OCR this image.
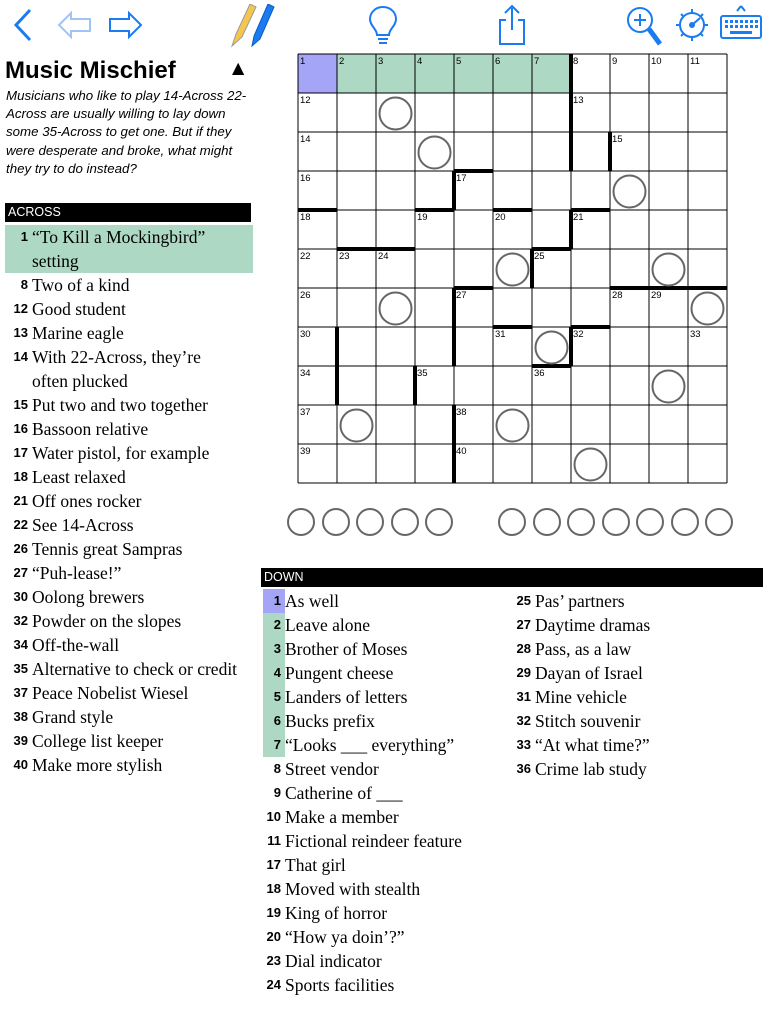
Music Mischief	▲
Musicians who like to play 14-Across 22-Across are usually willing to lay down some 35-Across to get one. But if they were desperate and broke, what might they try to do instead?
ACROSS
1 “To Kill a Mockingbird”
setting
8 Two of a kind
12 Good student
13 Marine eagle
14 With 22-Across, they’re
often plucked
15 Put two and two together
16 Bassoon relative
17 Water pistol, for example
18 Least relaxed
21 Off ones rocker
22 See 14-Across
26 Tennis great Sampras
27 “Puh-lease!”
30 Oolong brewers
32 Powder on the slopes
34 Off-the-wall
35 Alternative to check or credit
37 Peace Nobelist Wiesel
38 Grand style
39 College list keeper
40 Make more stylish
1	2	3	4	5	6	7	8	9	10	11
12	13
14	15
16	17
18	19	20	21
22	23	24	25
26	27	28	29
30	31	32	33
34	35	36
37	38
39	40
DOWN
1 As well
2 Leave alone
3 Brother of Moses
4 Pungent cheese
5 Landers of letters
6 Bucks prefix
7 “Looks ___ everything”
8 Street vendor
9 Catherine of ___
10 Make a member
11 Fictional reindeer feature
17 That girl
18 Moved with stealth
19 King of horror
20 “How ya doin’?”
23 Dial indicator
24 Sports facilities
25 Pas’ partners
27 Daytime dramas
28 Pass, as a law
29 Dayan of Israel
31 Mine vehicle
32 Stitch souvenir
33 “At what time?”
36 Crime lab study
